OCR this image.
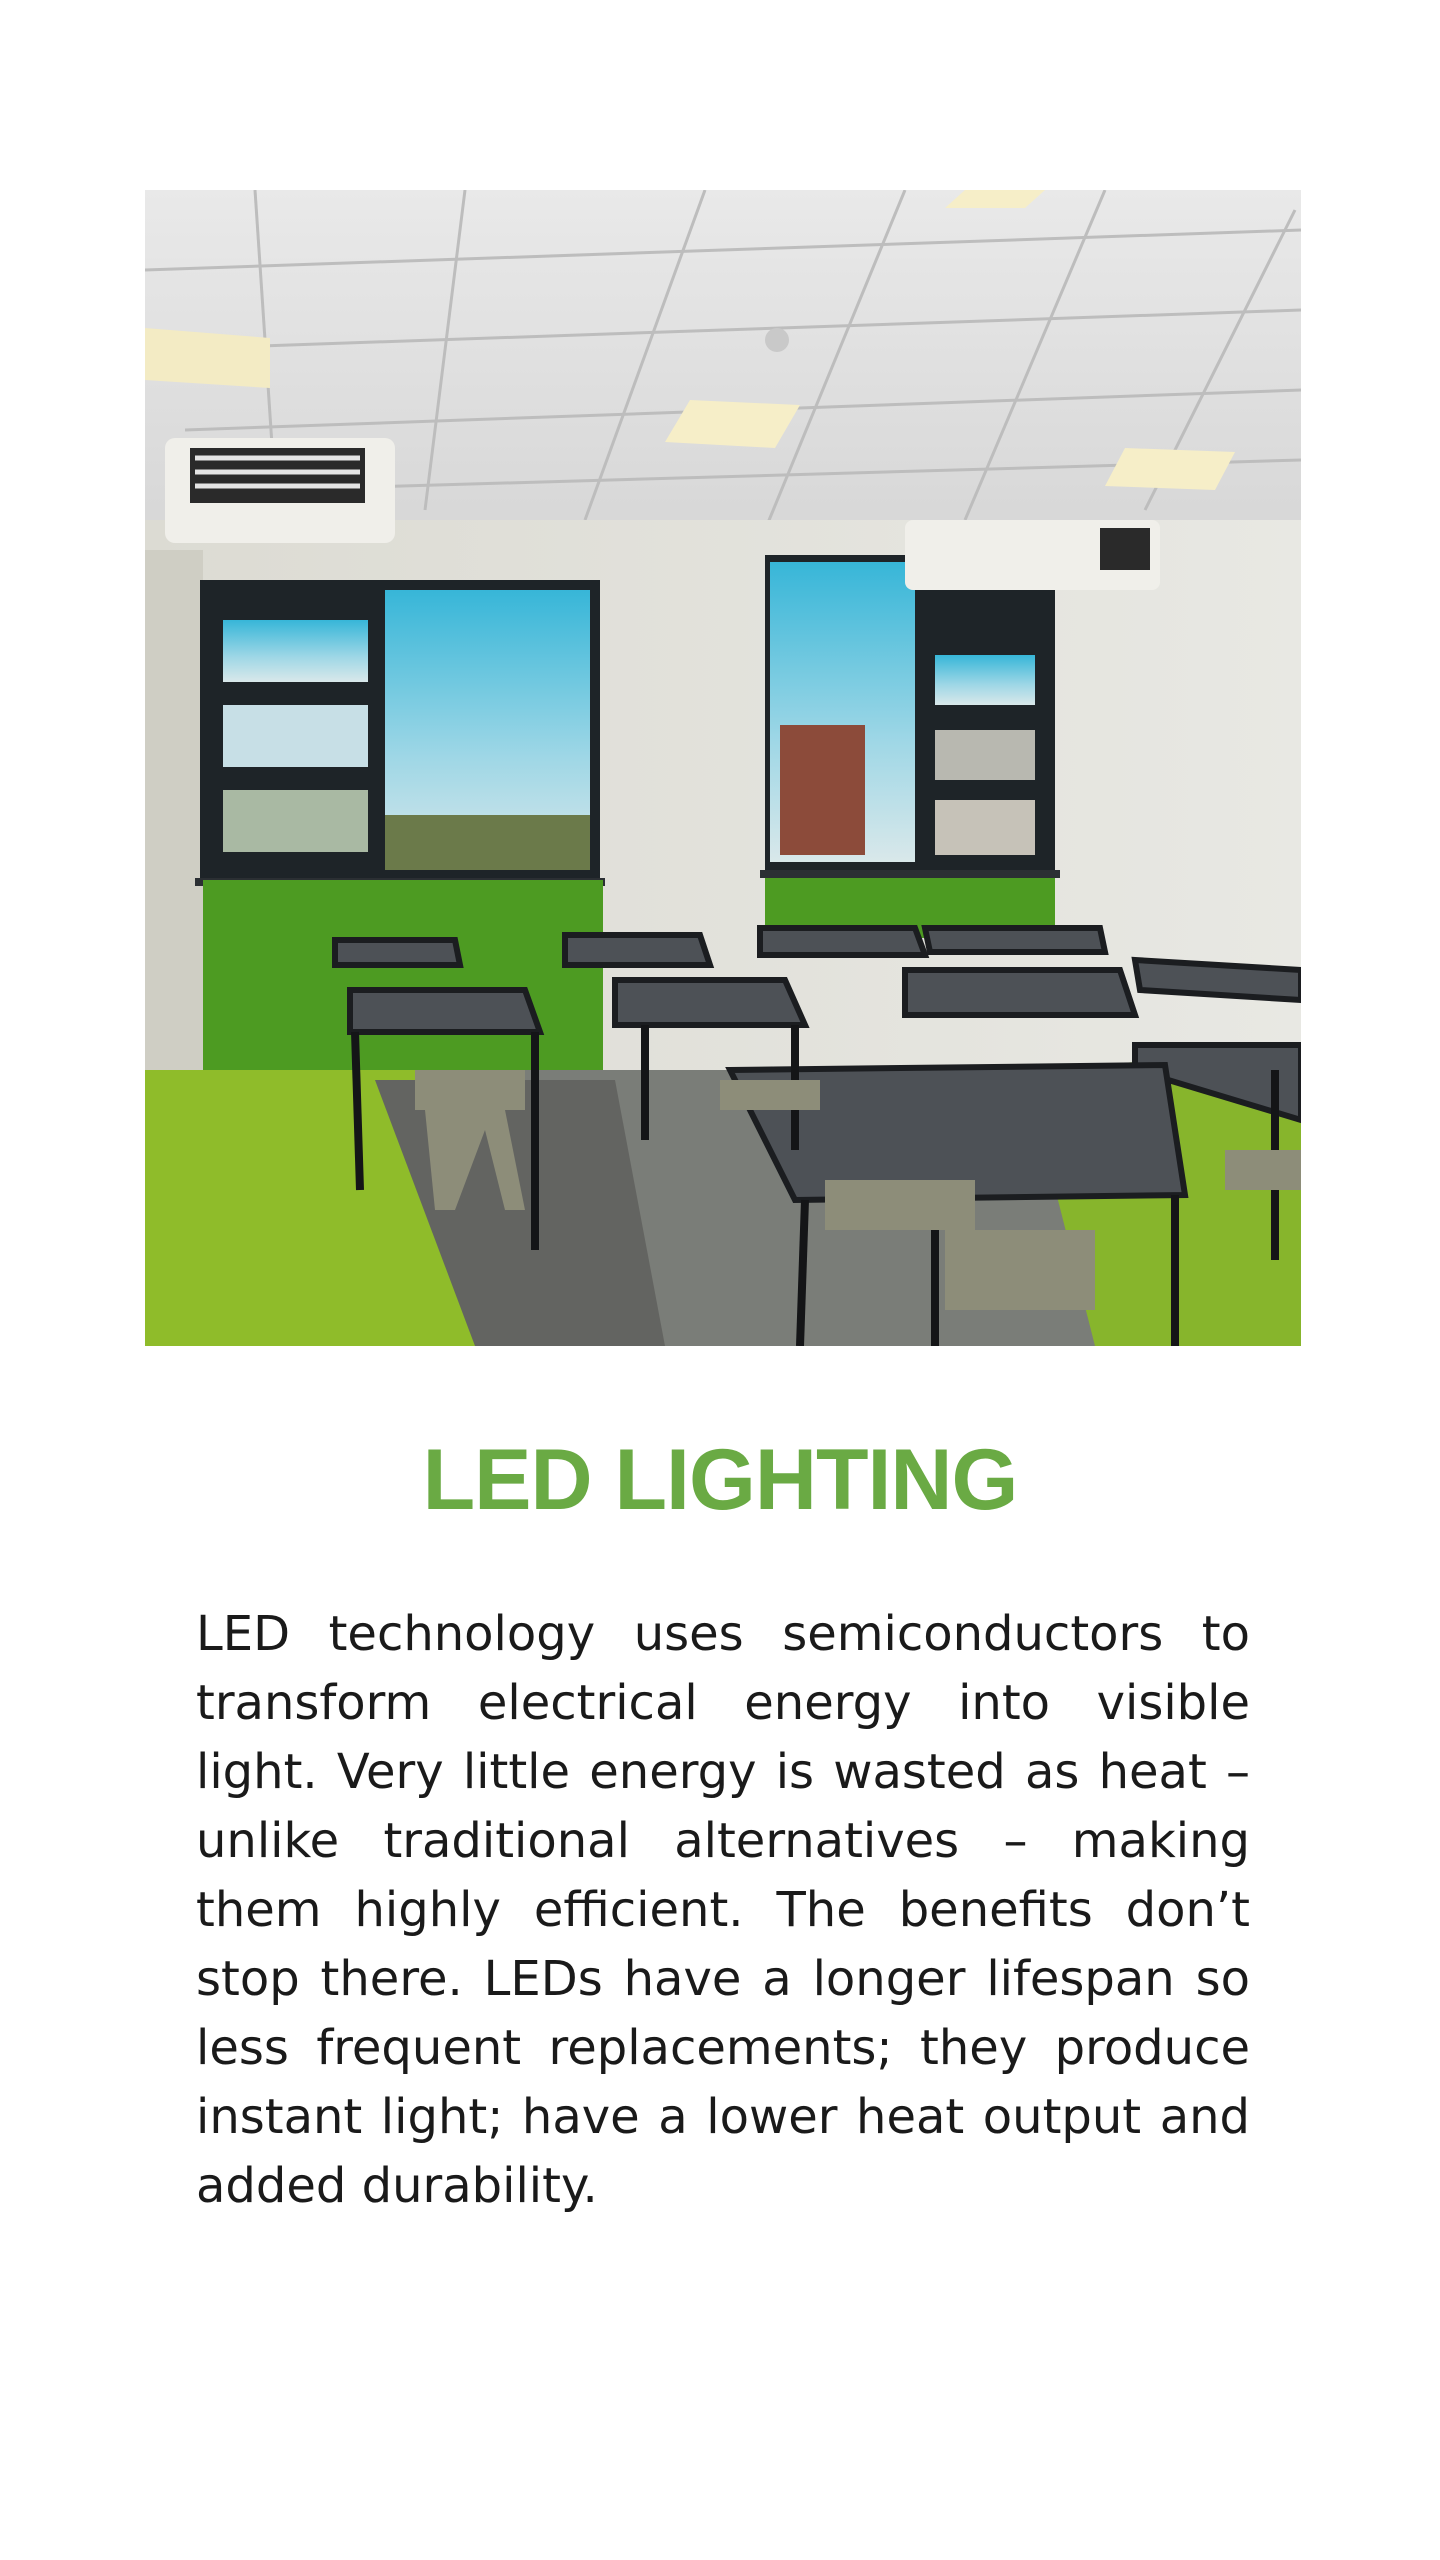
LED LIGHTING

LED technology uses semiconductors to transform electrical energy into visible light. Very little energy is wasted as heat – unlike traditional alternatives – making them highly efficient. The benefits don’t stop there. LEDs have a longer lifespan so less frequent replacements; they produce instant light; have a lower heat output and added durability.
